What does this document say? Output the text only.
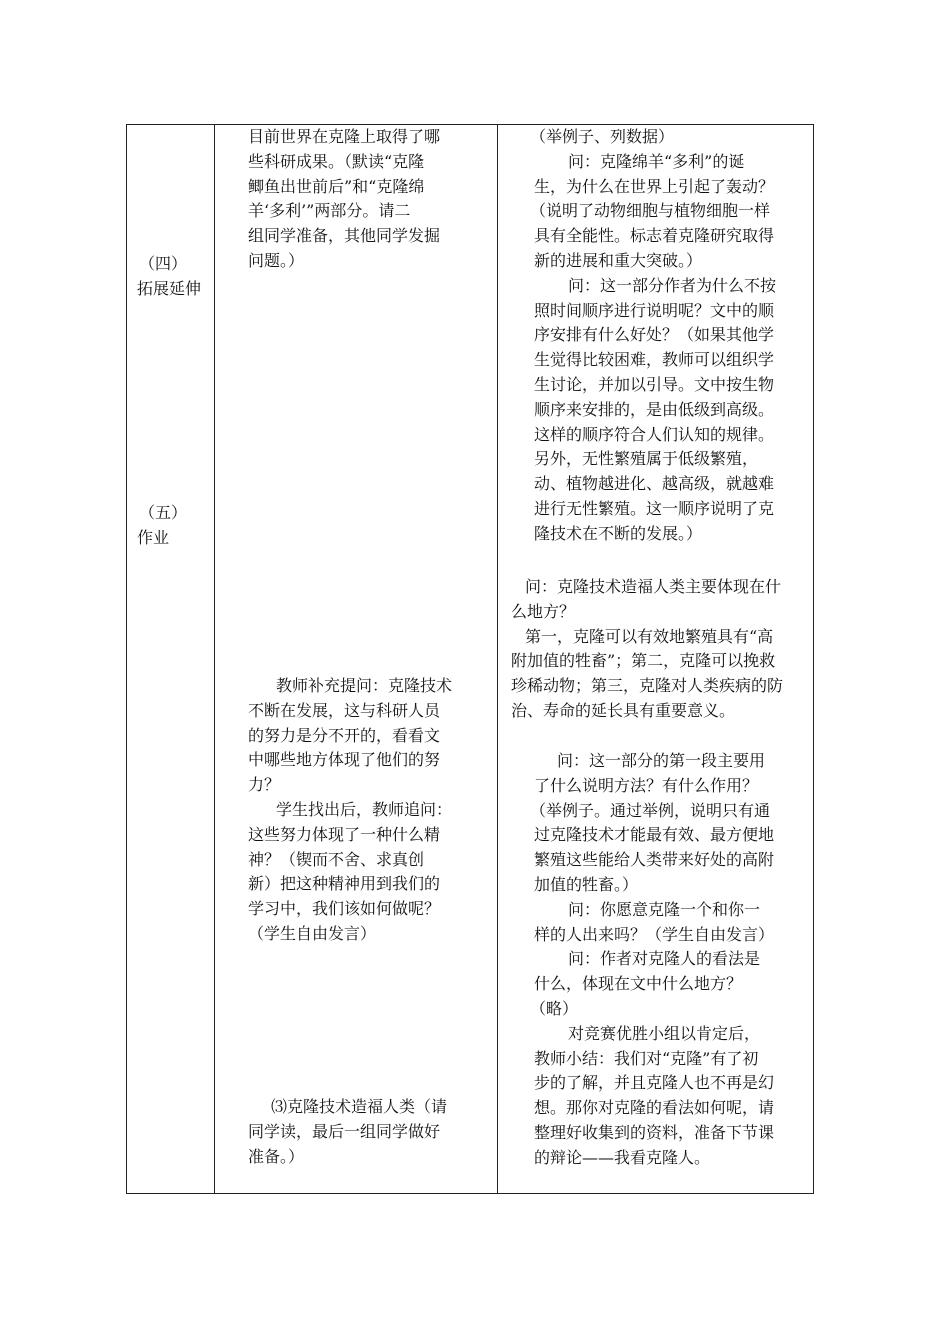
（四）
拓展延伸
（五）
作业
目前世界在克隆上取得了哪
些科研成果。（默读“克隆
鲫鱼出世前后”和“克隆绵
羊‘多利’”两部分。请二
组同学准备，其他同学发掘
问题。）
教师补充提问：克隆技术
不断在发展，这与科研人员
的努力是分不开的，看看文
中哪些地方体现了他们的努
力？
学生找出后，教师追问：
这些努力体现了一种什么精
神？（锲而不舍、求真创
新）把这种精神用到我们的
学习中，我们该如何做呢？
（学生自由发言）
⑶克隆技术造福人类（请
同学读，最后一组同学做好
准备。）
（举例子、列数据）
问：克隆绵羊“多利”的诞
生，为什么在世界上引起了轰动？
（说明了动物细胞与植物细胞一样
具有全能性。标志着克隆研究取得
新的进展和重大突破。）
问：这一部分作者为什么不按
照时间顺序进行说明呢？文中的顺
序安排有什么好处？（如果其他学
生觉得比较困难，教师可以组织学
生讨论，并加以引导。文中按生物
顺序来安排的，是由低级到高级。
这样的顺序符合人们认知的规律。
另外，无性繁殖属于低级繁殖，
动、植物越进化、越高级，就越难
进行无性繁殖。这一顺序说明了克
隆技术在不断的发展。）
问：克隆技术造福人类主要体现在什
么地方？
第一，克隆可以有效地繁殖具有“高
附加值的牲畜”；第二，克隆可以挽救
珍稀动物；第三，克隆对人类疾病的防
治、寿命的延长具有重要意义。
问：这一部分的第一段主要用
了什么说明方法？有什么作用？
（举例子。通过举例，说明只有通
过克隆技术才能最有效、最方便地
繁殖这些能给人类带来好处的高附
加值的牲畜。）
问：你愿意克隆一个和你一
样的人出来吗？（学生自由发言）
问：作者对克隆人的看法是
什么，体现在文中什么地方？
（略）
对竞赛优胜小组以肯定后，
教师小结：我们对“克隆”有了初
步的了解，并且克隆人也不再是幻
想。那你对克隆的看法如何呢，请
整理好收集到的资料，准备下节课
的辩论——我看克隆人。
